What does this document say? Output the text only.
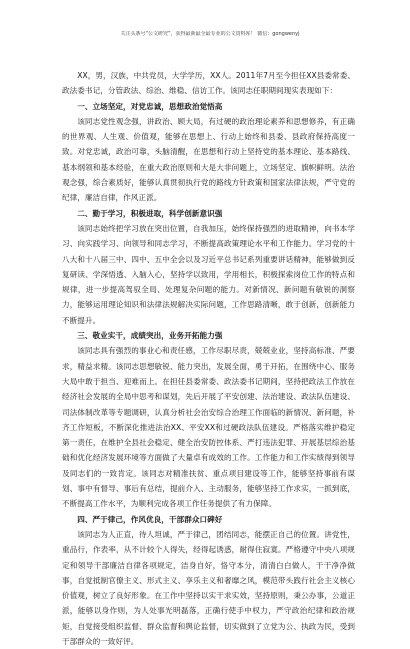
关注头条号“公文研究”，获得最新最全最专业的公文资料库！ 微信：gongwenyj

XX，男，汉族，中共党员，大学学历，XX人。2011年7月至今担任XX县委常委、政法委书记，分管政法、综治、维稳、信访工作。该同志任职期间现实表现如下：

一、立场坚定，对党忠诚，思想政治觉悟高

该同志党性观念强，讲政治、顾大局，有过硬的政治理论素养和思想修养，有正确的世界观、人生观、价值观，能够在思想上、行动上始终和县委、县政府保持高度一致。对党忠诚，政治可靠，头脑清醒，在思想和行动上坚持党的基本理论、基本路线、基本纲领和基本经验，在重大政治原则和大是大非问题上，立场坚定、旗帜鲜明。法治观念强，综合素质好，能够认真贯彻执行党的路线方针政策和国家法律法规，严守党的纪律，廉洁自律，作风正派。

二、勤于学习，积极进取，科学创新意识强

该同志始终把学习放在突出位置，自我加压，始终保持强烈的进取精神，向书本学习、向实践学习、向领导和同志学习，不断提高政策理论水平和工作能力。学习党的十八大和十八届三中、四中、五中全会以及习近平总书记系列重要讲话精神，能够做到反复研读、学深悟透、入脑入心，坚持学以致用，学用相长，积极探索岗位工作的特点和规律，进一步提高驾驭全局、处理复杂问题的能力。对新情况、新问题有敏锐的洞察力，能够运用理论知识和法律法规解决实际问题，工作思路清晰，敢于创新，创新能力不断提升。

三、敬业实干，成绩突出，业务开拓能力强

该同志具有强烈的事业心和责任感，工作尽职尽责，兢兢业业，坚持高标准、严要求，精益求精。该同志思想敏锐、能力突出，发展全面，勇于开拓，在围绕中心、服务大局中敢于担当、迎难而上。在担任县委常委、政法委书记期间，坚持把政法工作放在经济社会发展的全局中思考和谋划，先后开展了平安创建、法治建设、政法队伍建设、司法体制改革等专题调研，认真分析社会治安综合治理工作面临的新情况、新问题，补齐工作短板，不断深化推进法治XX、平安XX和过硬政法队伍建设。严格落实维护稳定第一责任，在维护全县社会稳定、健全治安防控体系、严打违法犯罪、开展基层综治基础和优化经济发展环境等方面做了大量卓有成效的工作。工作能力和工作实绩得到领导及同志们的一致肯定。该同志对精准扶贫、重点项目建设等工作，能够坚持事前有谋划、事中有督导、事后有总结，提前介入、主动服务，能够坚持工作求实，一抓到底，不断提高工作水平，为顺利完成各项工作任务提供了有力保障。

四、严于律己，作风优良，干部群众口碑好

该同志为人正直，待人坦诚，严于律己，团结同志，能摆正自己的位置。讲党性，重品行，作表率，从不计较个人得失，经得起诱惑，耐得住寂寞。严格遵守中央八项规定和领导干部廉洁自律各项规定，洁身自好，恪守本分，清清白白做人，干干净净做事，自觉抵制官僚主义、形式主义、享乐主义和奢靡之风，模范带头践行社会主义核心价值观，树立了良好形象。在工作中坚持以实干求实效，坚持原则，秉公办事，公道正派，能够以身作则，为人处事光明磊落，正确行使手中权力，严守政治纪律和政治规矩，自觉接受组织监督、群众监督和舆论监督，切实做到了立党为公、执政为民，受到干部群众的一致好评。
